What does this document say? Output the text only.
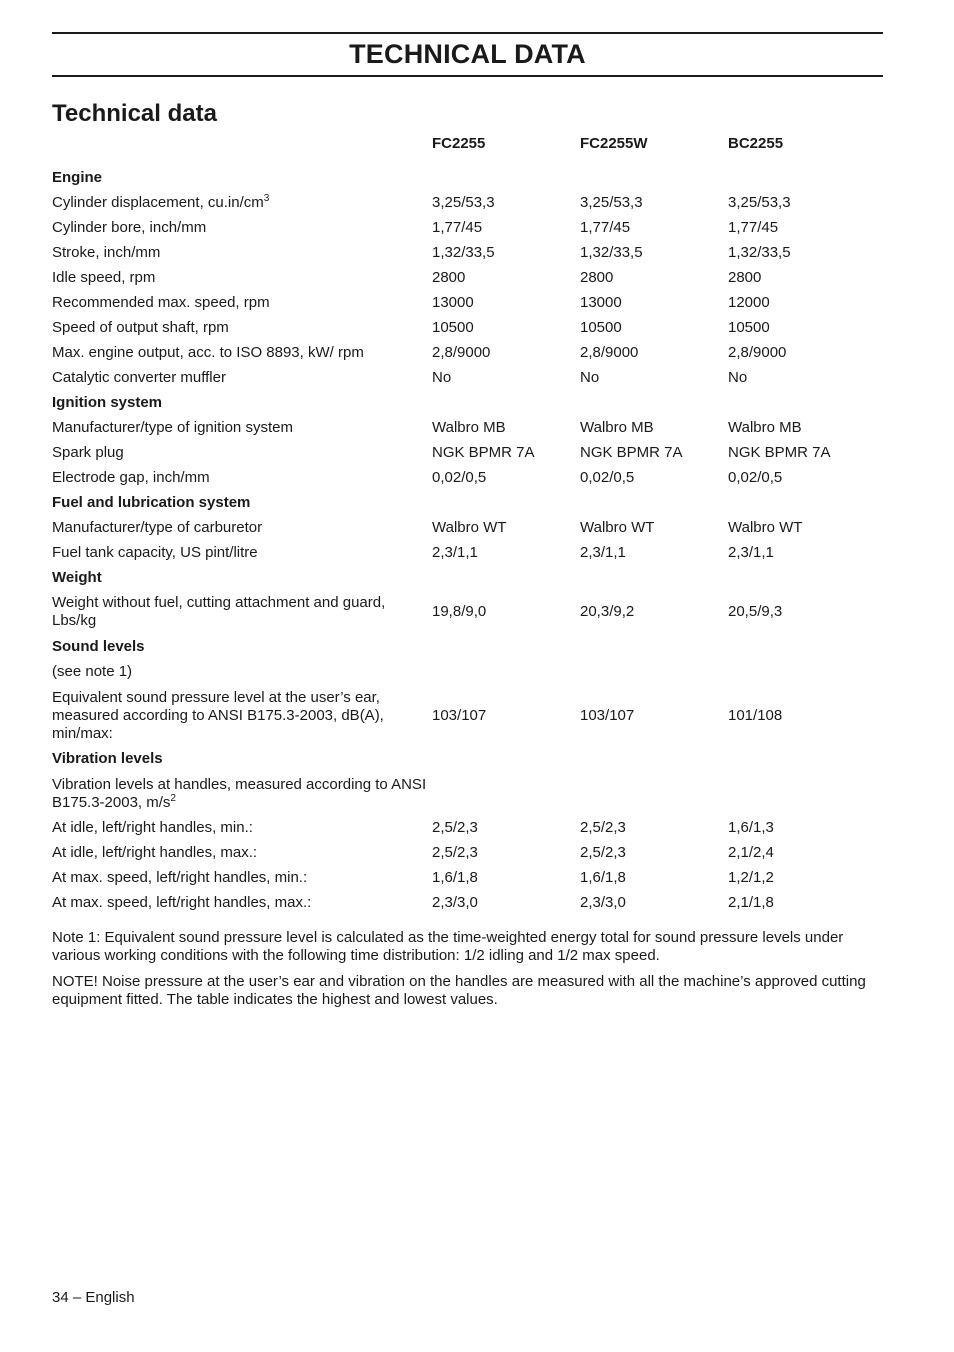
TECHNICAL DATA
Technical data
FC2255	FC2255W	BC2255
Engine
Cylinder displacement, $cu.in/cm^3$	3,25/53,3	3,25/53,3	3,25/53,3
Cylinder bore, inch/mm	1,77/45	1,77/45	1,77/45
Stroke, inch/mm	1,32/33,5	1,32/33,5	1,32/33,5
Idle speed, rpm	2800	2800	2800
Recommended max. speed, rpm	13000	13000	12000
Speed of output shaft, rpm	10500	10500	10500
Max. engine output, acc. to ISO 8893, kW/ rpm	2,8/9000	2,8/9000	2,8/9000
Catalytic converter muffler	No	No	No
Ignition system
Manufacturer/type of ignition system	Walbro MB	Walbro MB	Walbro MB
Spark plug	NGK BPMR 7A	NGK BPMR 7A	NGK BPMR 7A
Electrode gap, inch/mm	0,02/0,5	0,02/0,5	0,02/0,5
Fuel and lubrication system
Manufacturer/type of carburetor	Walbro WT	Walbro WT	Walbro WT
Fuel tank capacity, US pint/litre	2,3/1,1	2,3/1,1	2,3/1,1
Weight
Weight without fuel, cutting attachment and guard, Lbs/kg
19,8/9,0	20,3/9,2	20,5/9,3
Sound levels
(see note 1)
Equivalent sound pressure level at the user’s ear, measured according to ANSI B175.3-2003, dB(A), min/max:
103/107	103/107	101/108
Vibration levels
Vibration levels at handles, measured according to ANSI B175.3-2003, $m/s^2$
At idle, left/right handles, min.:	2,5/2,3	2,5/2,3	1,6/1,3
At idle, left/right handles, max.:	2,5/2,3	2,5/2,3	2,1/2,4
At max. speed, left/right handles, min.:	1,6/1,8	1,6/1,8	1,2/1,2
At max. speed, left/right handles, max.:	2,3/3,0	2,3/3,0	2,1/1,8
Note 1: Equivalent sound pressure level is calculated as the time-weighted energy total for sound pressure levels under various working conditions with the following time distribution: 1/2 idling and 1/2 max speed.
NOTE! Noise pressure at the user’s ear and vibration on the handles are measured with all the machine’s approved cutting equipment fitted. The table indicates the highest and lowest values.
34 – English
